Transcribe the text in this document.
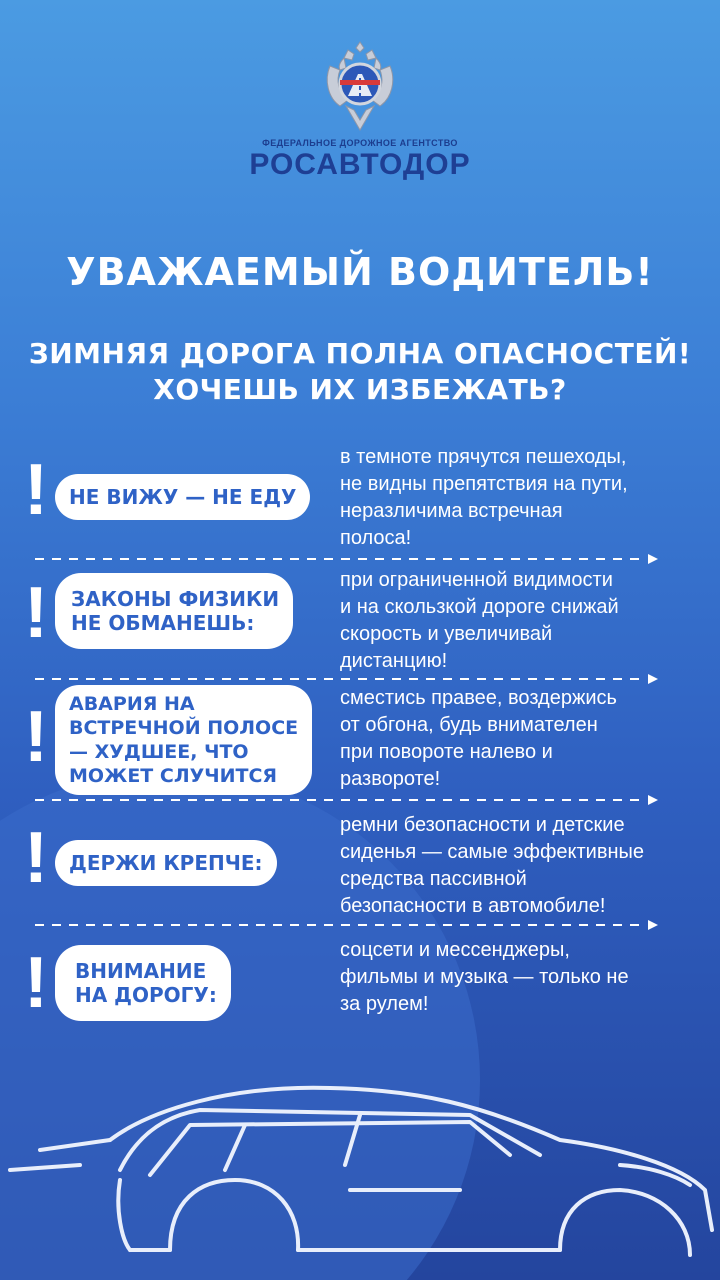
ФЕДЕРАЛЬНОЕ ДОРОЖНОЕ АГЕНТСТВО
РОСАВТОДОР
УВАЖАЕМЫЙ ВОДИТЕЛЬ!
ЗИМНЯЯ ДОРОГА ПОЛНА ОПАСНОСТЕЙ!
ХОЧЕШЬ ИХ ИЗБЕЖАТЬ?
! НЕ ВИЖУ — НЕ ЕДУ
в темноте прячутся пешеходы,
не видны препятствия на пути,
неразличима встречная
полоса!
! ЗАКОНЫ ФИЗИКИ
НЕ ОБМАНЕШЬ:
при ограниченной видимости
и на скользкой дороге снижай
скорость и увеличивай
дистанцию!
! АВАРИЯ НА
ВСТРЕЧНОЙ ПОЛОСЕ
— ХУДШЕЕ, ЧТО
МОЖЕТ СЛУЧИТСЯ
сместись правее, воздержись
от обгона, будь внимателен
при повороте налево и
развороте!
! ДЕРЖИ КРЕПЧЕ:
ремни безопасности и детские
сиденья — самые эффективные
средства пассивной
безопасности в автомобиле!
! ВНИМАНИЕ
НА ДОРОГУ:
соцсети и мессенджеры,
фильмы и музыка — только не
за рулем!
